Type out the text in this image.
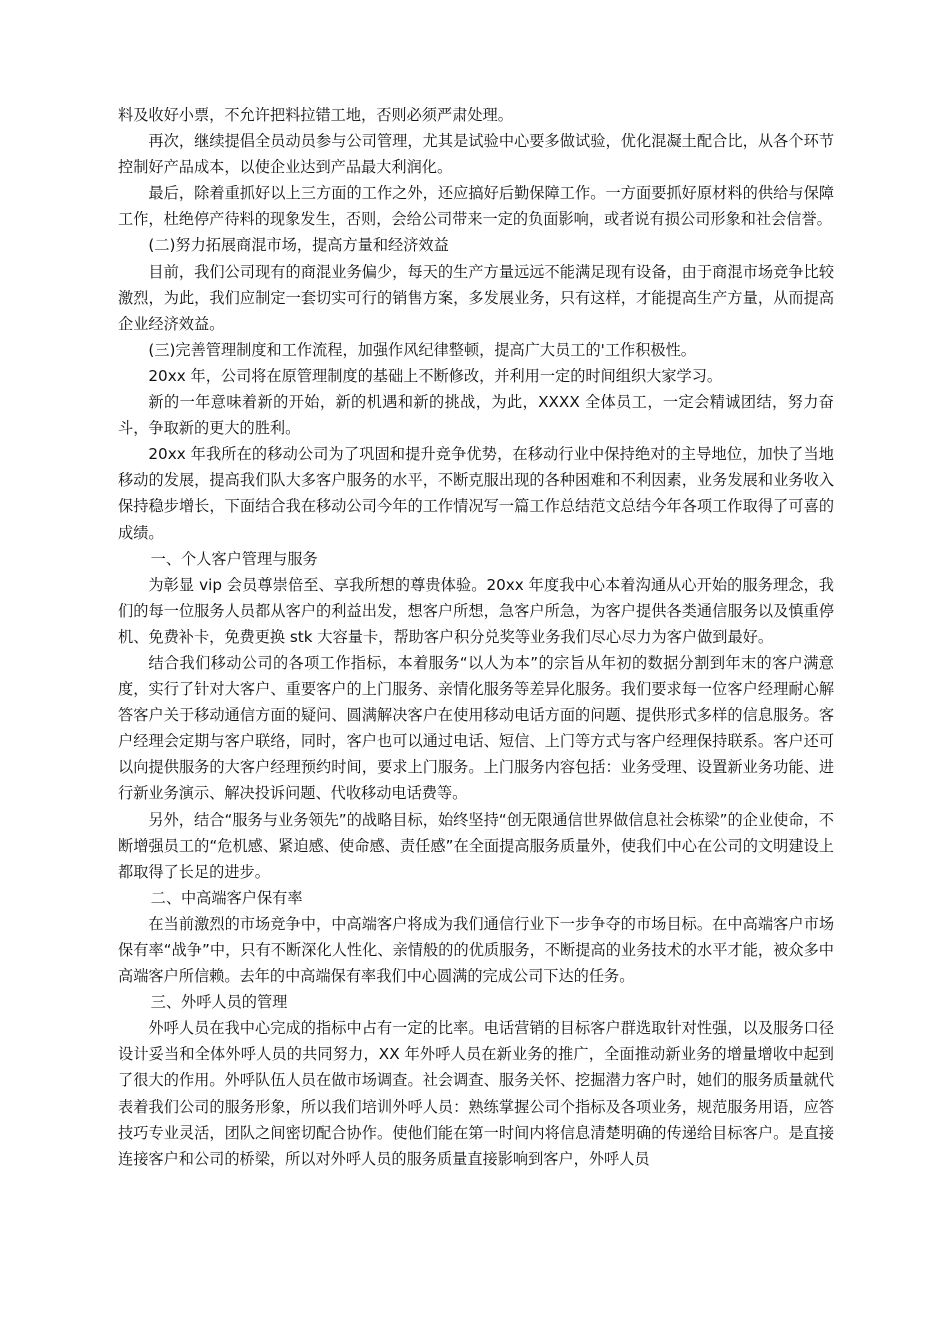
料及收好小票，不允许把料拉错工地，否则必须严肃处理。

再次，继续提倡全员动员参与公司管理，尤其是试验中心要多做试验，优化混凝土配合比，从各个环节控制好产品成本，以使企业达到产品最大利润化。

最后，除着重抓好以上三方面的工作之外，还应搞好后勤保障工作。一方面要抓好原材料的供给与保障工作，杜绝停产待料的现象发生，否则，会给公司带来一定的负面影响，或者说有损公司形象和社会信誉。

(二)努力拓展商混市场，提高方量和经济效益

目前，我们公司现有的商混业务偏少，每天的生产方量远远不能满足现有设备，由于商混市场竞争比较激烈，为此，我们应制定一套切实可行的销售方案，多发展业务，只有这样，才能提高生产方量，从而提高企业经济效益。

(三)完善管理制度和工作流程，加强作风纪律整顿，提高广大员工的'工作积极性。

20xx 年，公司将在原管理制度的基础上不断修改，并利用一定的时间组织大家学习。

新的一年意味着新的开始，新的机遇和新的挑战，为此，XXXX 全体员工，一定会精诚团结，努力奋斗，争取新的更大的胜利。

20xx 年我所在的移动公司为了巩固和提升竞争优势，在移动行业中保持绝对的主导地位，加快了当地移动的发展，提高我们队大多客户服务的水平，不断克服出现的各种困难和不利因素，业务发展和业务收入保持稳步增长，下面结合我在移动公司今年的工作情况写一篇工作总结范文总结今年各项工作取得了可喜的成绩。

一、个人客户管理与服务

为彰显 vip 会员尊崇倍至、享我所想的尊贵体验。20xx 年度我中心本着沟通从心开始的服务理念，我们的每一位服务人员都从客户的利益出发，想客户所想，急客户所急，为客户提供各类通信服务以及慎重停机、免费补卡，免费更换 stk 大容量卡，帮助客户积分兑奖等业务我们尽心尽力为客户做到最好。

结合我们移动公司的各项工作指标，本着服务“以人为本”的宗旨从年初的数据分割到年末的客户满意度，实行了针对大客户、重要客户的上门服务、亲情化服务等差异化服务。我们要求每一位客户经理耐心解答客户关于移动通信方面的疑问、圆满解决客户在使用移动电话方面的问题、提供形式多样的信息服务。客户经理会定期与客户联络，同时，客户也可以通过电话、短信、上门等方式与客户经理保持联系。客户还可以向提供服务的大客户经理预约时间，要求上门服务。上门服务内容包括：业务受理、设置新业务功能、进行新业务演示、解决投诉问题、代收移动电话费等。

另外，结合“服务与业务领先”的战略目标，始终坚持“创无限通信世界做信息社会栋梁”的企业使命，不断增强员工的“危机感、紧迫感、使命感、责任感”在全面提高服务质量外，使我们中心在公司的文明建设上都取得了长足的进步。

二、中高端客户保有率

在当前激烈的市场竞争中，中高端客户将成为我们通信行业下一步争夺的市场目标。在中高端客户市场保有率“战争”中，只有不断深化人性化、亲情般的的优质服务，不断提高的业务技术的水平才能，被众多中高端客户所信赖。去年的中高端保有率我们中心圆满的完成公司下达的任务。

三、外呼人员的管理

外呼人员在我中心完成的指标中占有一定的比率。电话营销的目标客户群选取针对性强，以及服务口径设计妥当和全体外呼人员的共同努力，XX 年外呼人员在新业务的推广，全面推动新业务的增量增收中起到了很大的作用。外呼队伍人员在做市场调查。社会调查、服务关怀、挖掘潜力客户时，她们的服务质量就代表着我们公司的服务形象，所以我们培训外呼人员：熟练掌握公司个指标及各项业务，规范服务用语，应答技巧专业灵活，团队之间密切配合协作。使他们能在第一时间内将信息清楚明确的传递给目标客户。是直接连接客户和公司的桥梁，所以对外呼人员的服务质量直接影响到客户，外呼人员
